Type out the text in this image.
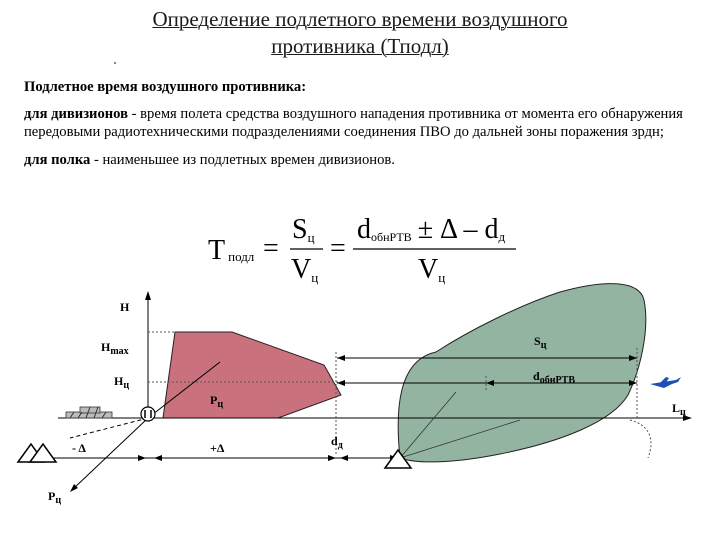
Определение подлетного времени воздушного
противника (Тподл)

Подлетное время воздушного противника:

для дивизионов - время полета средства воздушного нападения противника от момента его обнаружения передовыми радиотехническими подразделениями соединения ПВО до дальней зоны поражения зрдн;

для полка - наименьшее из подлетных времен дивизионов.

Tподл =
Sц
Vц
=
dобнРТВ ± Δ – dд
Vц
Н
$H_{max}$
$H_ц$
$P_ц$
$P_ц$
- Δ	+Δ	$d_д$
$S_ц$
$d_{обнРТВ}$
$L_ц$
